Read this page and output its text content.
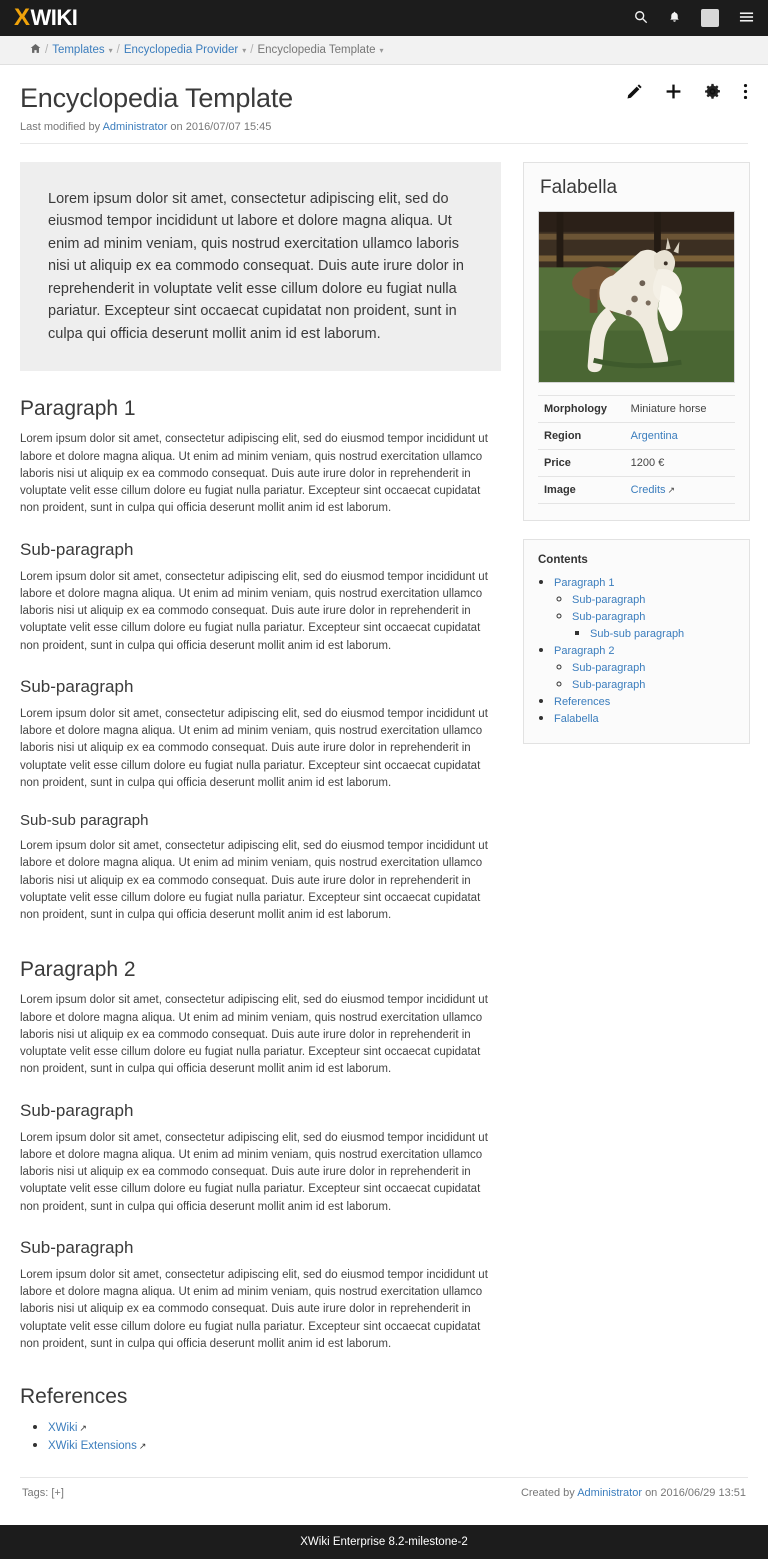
X WIKI
/ Templates ▾ / Encyclopedia Provider ▾ / Encyclopedia Template ▾
Encyclopedia Template
Last modified by Administrator on 2016/07/07 15:45
Lorem ipsum dolor sit amet, consectetur adipiscing elit, sed do eiusmod tempor incididunt ut labore et dolore magna aliqua. Ut enim ad minim veniam, quis nostrud exercitation ullamco laboris nisi ut aliquip ex ea commodo consequat. Duis aute irure dolor in reprehenderit in voluptate velit esse cillum dolore eu fugiat nulla pariatur. Excepteur sint occaecat cupidatat non proident, sunt in culpa qui officia deserunt mollit anim id est laborum.
Paragraph 1

Lorem ipsum dolor sit amet, consectetur adipiscing elit, sed do eiusmod tempor incididunt ut labore et dolore magna aliqua. Ut enim ad minim veniam, quis nostrud exercitation ullamco laboris nisi ut aliquip ex ea commodo consequat. Duis aute irure dolor in reprehenderit in voluptate velit esse cillum dolore eu fugiat nulla pariatur. Excepteur sint occaecat cupidatat non proident, sunt in culpa qui officia deserunt mollit anim id est laborum.

Sub-paragraph

Lorem ipsum dolor sit amet, consectetur adipiscing elit, sed do eiusmod tempor incididunt ut labore et dolore magna aliqua. Ut enim ad minim veniam, quis nostrud exercitation ullamco laboris nisi ut aliquip ex ea commodo consequat. Duis aute irure dolor in reprehenderit in voluptate velit esse cillum dolore eu fugiat nulla pariatur. Excepteur sint occaecat cupidatat non proident, sunt in culpa qui officia deserunt mollit anim id est laborum.

Sub-paragraph

Lorem ipsum dolor sit amet, consectetur adipiscing elit, sed do eiusmod tempor incididunt ut labore et dolore magna aliqua. Ut enim ad minim veniam, quis nostrud exercitation ullamco laboris nisi ut aliquip ex ea commodo consequat. Duis aute irure dolor in reprehenderit in voluptate velit esse cillum dolore eu fugiat nulla pariatur. Excepteur sint occaecat cupidatat non proident, sunt in culpa qui officia deserunt mollit anim id est laborum.

Sub-sub paragraph

Lorem ipsum dolor sit amet, consectetur adipiscing elit, sed do eiusmod tempor incididunt ut labore et dolore magna aliqua. Ut enim ad minim veniam, quis nostrud exercitation ullamco laboris nisi ut aliquip ex ea commodo consequat. Duis aute irure dolor in reprehenderit in voluptate velit esse cillum dolore eu fugiat nulla pariatur. Excepteur sint occaecat cupidatat non proident, sunt in culpa qui officia deserunt mollit anim id est laborum.

Paragraph 2

Lorem ipsum dolor sit amet, consectetur adipiscing elit, sed do eiusmod tempor incididunt ut labore et dolore magna aliqua. Ut enim ad minim veniam, quis nostrud exercitation ullamco laboris nisi ut aliquip ex ea commodo consequat. Duis aute irure dolor in reprehenderit in voluptate velit esse cillum dolore eu fugiat nulla pariatur. Excepteur sint occaecat cupidatat non proident, sunt in culpa qui officia deserunt mollit anim id est laborum.

Sub-paragraph

Lorem ipsum dolor sit amet, consectetur adipiscing elit, sed do eiusmod tempor incididunt ut labore et dolore magna aliqua. Ut enim ad minim veniam, quis nostrud exercitation ullamco laboris nisi ut aliquip ex ea commodo consequat. Duis aute irure dolor in reprehenderit in voluptate velit esse cillum dolore eu fugiat nulla pariatur. Excepteur sint occaecat cupidatat non proident, sunt in culpa qui officia deserunt mollit anim id est laborum.

Sub-paragraph

Lorem ipsum dolor sit amet, consectetur adipiscing elit, sed do eiusmod tempor incididunt ut labore et dolore magna aliqua. Ut enim ad minim veniam, quis nostrud exercitation ullamco laboris nisi ut aliquip ex ea commodo consequat. Duis aute irure dolor in reprehenderit in voluptate velit esse cillum dolore eu fugiat nulla pariatur. Excepteur sint occaecat cupidatat non proident, sunt in culpa qui officia deserunt mollit anim id est laborum.

References
• XWiki ↗
• XWiki Extensions ↗
Falabella
Morphology	Miniature horse
Region	Argentina
Price	1200 €
Image	Credits ↗
Contents
• Paragraph 1
◦ Sub-paragraph
◦ Sub-paragraph
▪ Sub-sub paragraph
• Paragraph 2
◦ Sub-paragraph
◦ Sub-paragraph
• References
• Falabella
Tags: [+]	Created by Administrator on 2016/06/29 13:51
XWiki Enterprise 8.2-milestone-2
